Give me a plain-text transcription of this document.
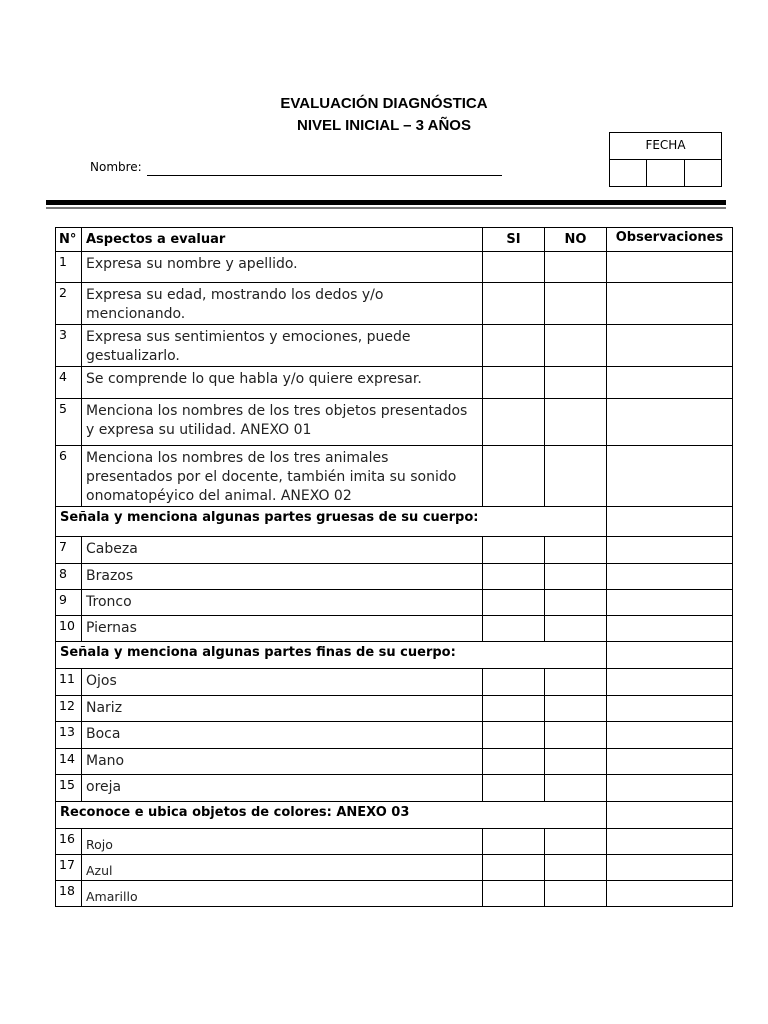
EVALUACIÓN DIAGNÓSTICA
NIVEL INICIAL – 3 AÑOS
Nombre:
FECHA
N°	Aspectos a evaluar	SI	NO	Observaciones
1	Expresa su nombre y apellido.			
2	Expresa su edad, mostrando los dedos y/o mencionando.			
3	Expresa sus sentimientos y emociones, puede gestualizarlo.			
4	Se comprende lo que habla y/o quiere expresar.			
5	Menciona los nombres de los tres objetos presentados y expresa su utilidad. ANEXO 01			
6	Menciona los nombres de los tres animales presentados por el docente, también imita su sonido onomatopéyico del animal. ANEXO 02			
Señala y menciona algunas partes gruesas de su cuerpo:				
7	Cabeza			
8	Brazos			
9	Tronco			
10	Piernas			
Señala y menciona algunas partes finas de su cuerpo:				
11	Ojos			
12	Nariz			
13	Boca			
14	Mano			
15	oreja			
Reconoce e ubica objetos de colores: ANEXO 03				
16	Rojo			
17	Azul			
18	Amarillo			
